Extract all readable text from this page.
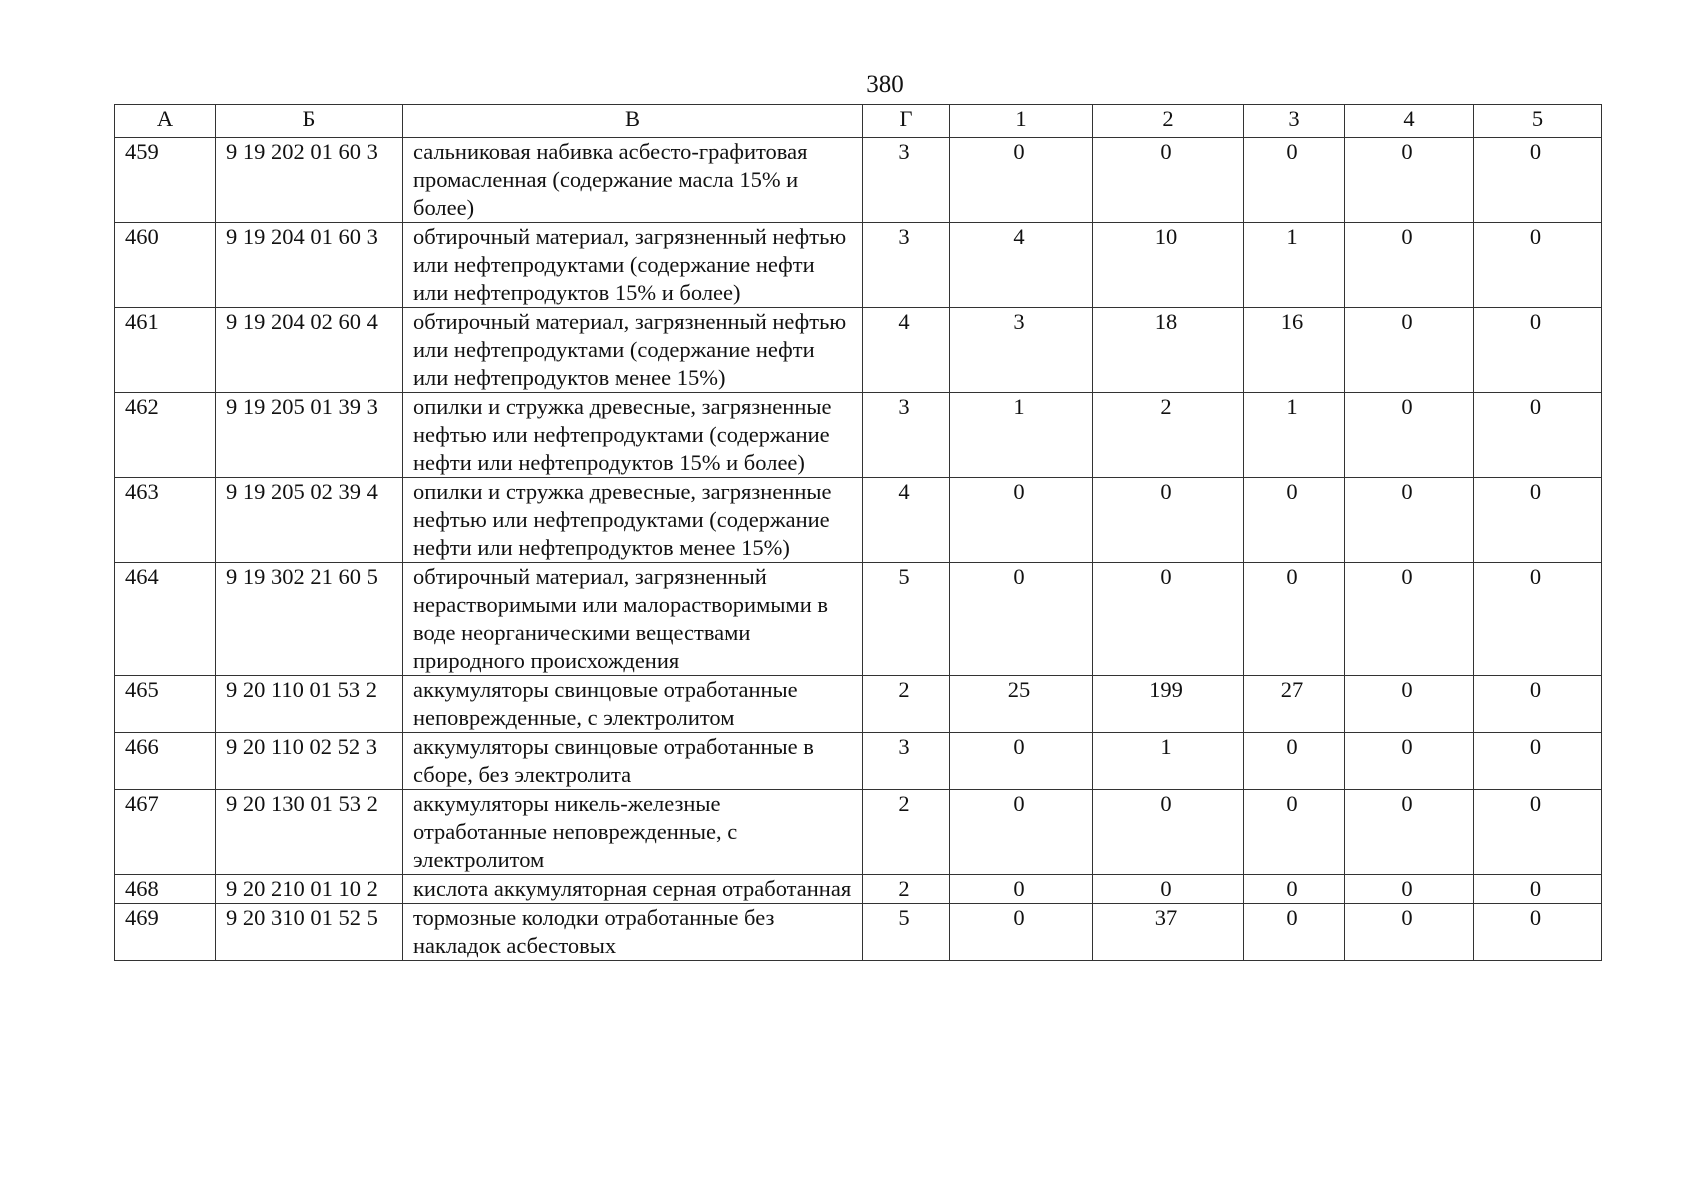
380
А	Б	В	Г	1	2	3	4	5
459	9 19 202 01 60 3	сальниковая набивка асбесто-графитовая промасленная (содержание масла 15% и более)	3	0	0	0	0	0
460	9 19 204 01 60 3	обтирочный материал, загрязненный нефтью или нефтепродуктами (содержание нефти или нефтепродуктов 15% и более)	3	4	10	1	0	0
461	9 19 204 02 60 4	обтирочный материал, загрязненный нефтью или нефтепродуктами (содержание нефти или нефтепродуктов менее 15%)	4	3	18	16	0	0
462	9 19 205 01 39 3	опилки и стружка древесные, загрязненные нефтью или нефтепродуктами (содержание нефти или нефтепродуктов 15% и более)	3	1	2	1	0	0
463	9 19 205 02 39 4	опилки и стружка древесные, загрязненные нефтью или нефтепродуктами (содержание нефти или нефтепродуктов менее 15%)	4	0	0	0	0	0
464	9 19 302 21 60 5	обтирочный материал, загрязненный нерастворимыми или малорастворимыми в воде неорганическими веществами природного происхождения	5	0	0	0	0	0
465	9 20 110 01 53 2	аккумуляторы свинцовые отработанные неповрежденные, с электролитом	2	25	199	27	0	0
466	9 20 110 02 52 3	аккумуляторы свинцовые отработанные в сборе, без электролита	3	0	1	0	0	0
467	9 20 130 01 53 2	аккумуляторы никель-железные отработанные неповрежденные, с электролитом	2	0	0	0	0	0
468	9 20 210 01 10 2	кислота аккумуляторная серная отработанная	2	0	0	0	0	0
469	9 20 310 01 52 5	тормозные колодки отработанные без накладок асбестовых	5	0	37	0	0	0
